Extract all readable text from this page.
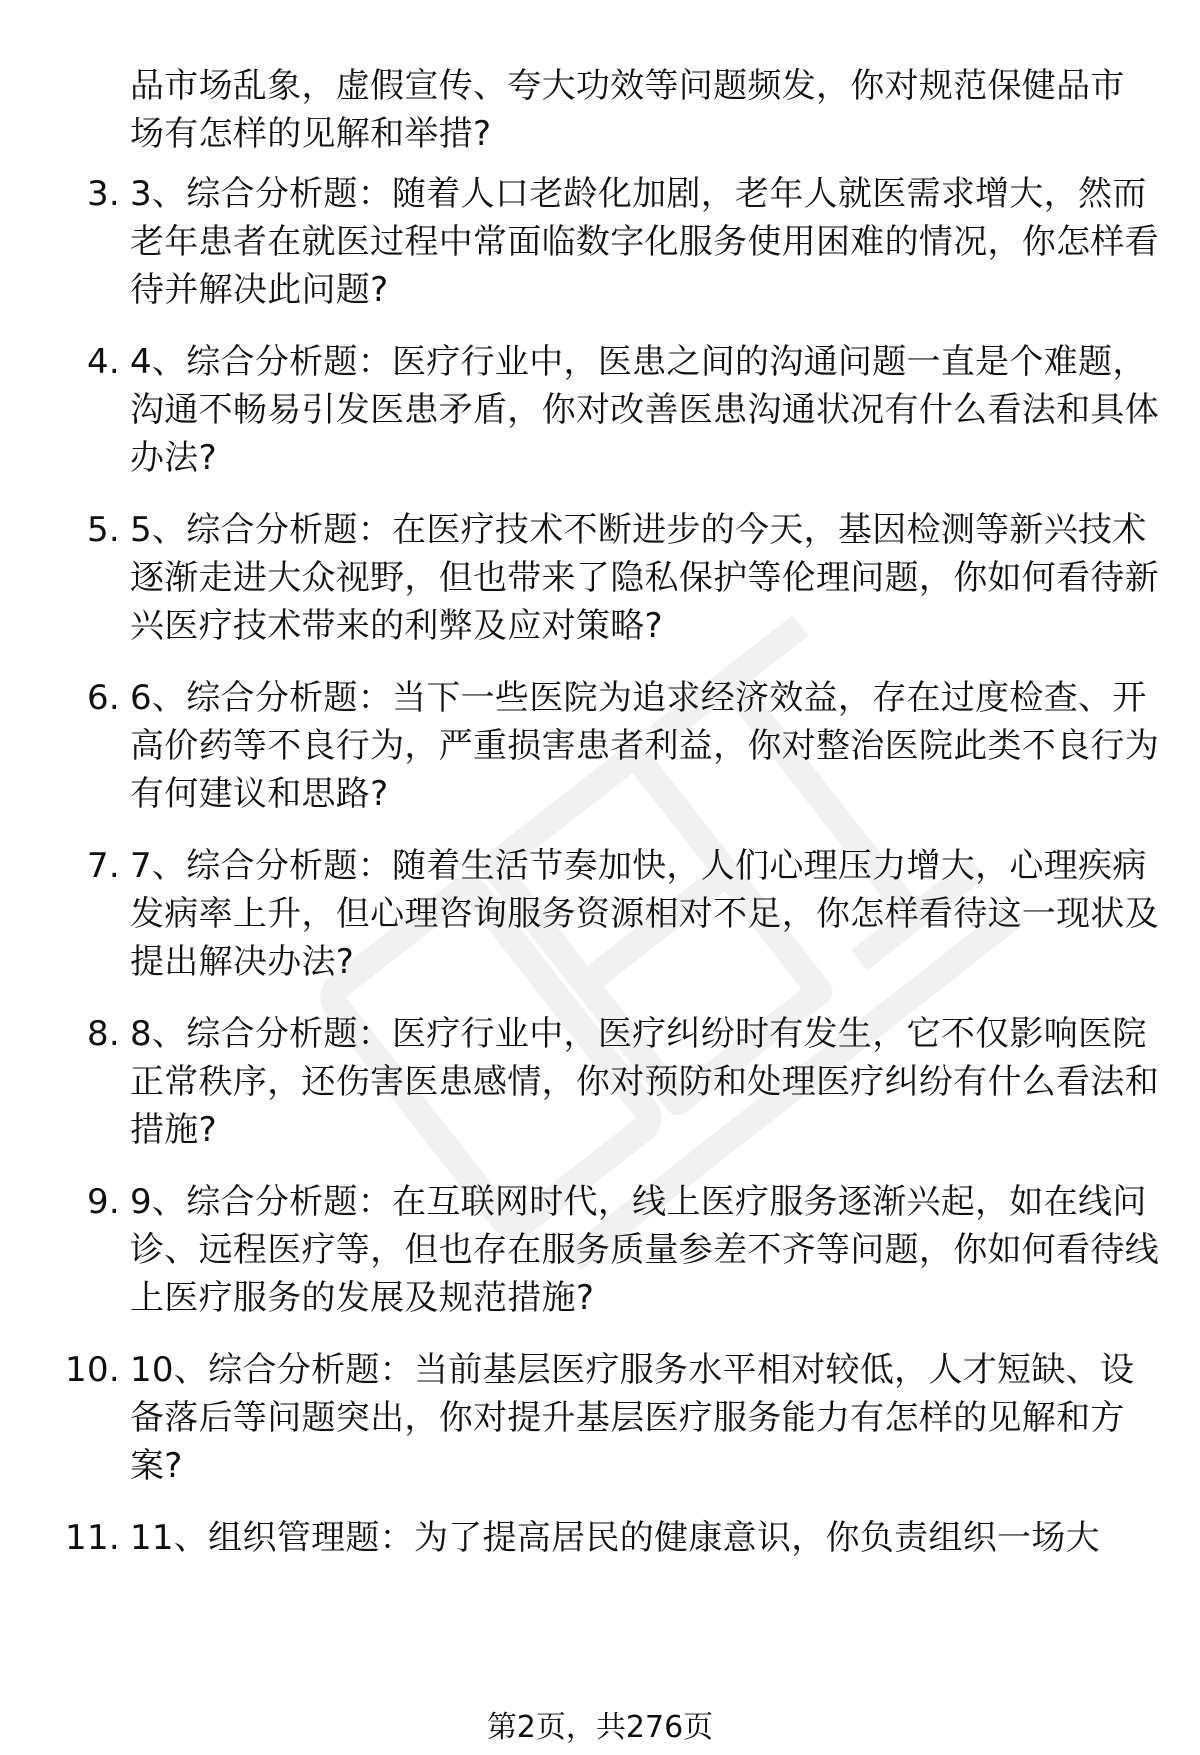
品市场乱象，虚假宣传、夸大功效等问题频发，你对规范保健品市场有怎样的见解和举措?

3. 3、综合分析题：随着人口老龄化加剧，老年人就医需求增大，然而老年患者在就医过程中常面临数字化服务使用困难的情况，你怎样看待并解决此问题?
4. 4、综合分析题：医疗行业中，医患之间的沟通问题一直是个难题，沟通不畅易引发医患矛盾，你对改善医患沟通状况有什么看法和具体办法?
5. 5、综合分析题：在医疗技术不断进步的今天，基因检测等新兴技术逐渐走进大众视野，但也带来了隐私保护等伦理问题，你如何看待新兴医疗技术带来的利弊及应对策略?
6. 6、综合分析题：当下一些医院为追求经济效益，存在过度检查、开高价药等不良行为，严重损害患者利益，你对整治医院此类不良行为有何建议和思路?
7. 7、综合分析题：随着生活节奏加快，人们心理压力增大，心理疾病发病率上升，但心理咨询服务资源相对不足，你怎样看待这一现状及提出解决办法?
8. 8、综合分析题：医疗行业中，医疗纠纷时有发生，它不仅影响医院正常秩序，还伤害医患感情，你对预防和处理医疗纠纷有什么看法和措施?
9. 9、综合分析题：在互联网时代，线上医疗服务逐渐兴起，如在线问诊、远程医疗等，但也存在服务质量参差不齐等问题，你如何看待线上医疗服务的发展及规范措施?
10. 10、综合分析题：当前基层医疗服务水平相对较低，人才短缺、设备落后等问题突出，你对提升基层医疗服务能力有怎样的见解和方案?
11. 11、组织管理题：为了提高居民的健康意识，你负责组织一场大
第2页，共276页
